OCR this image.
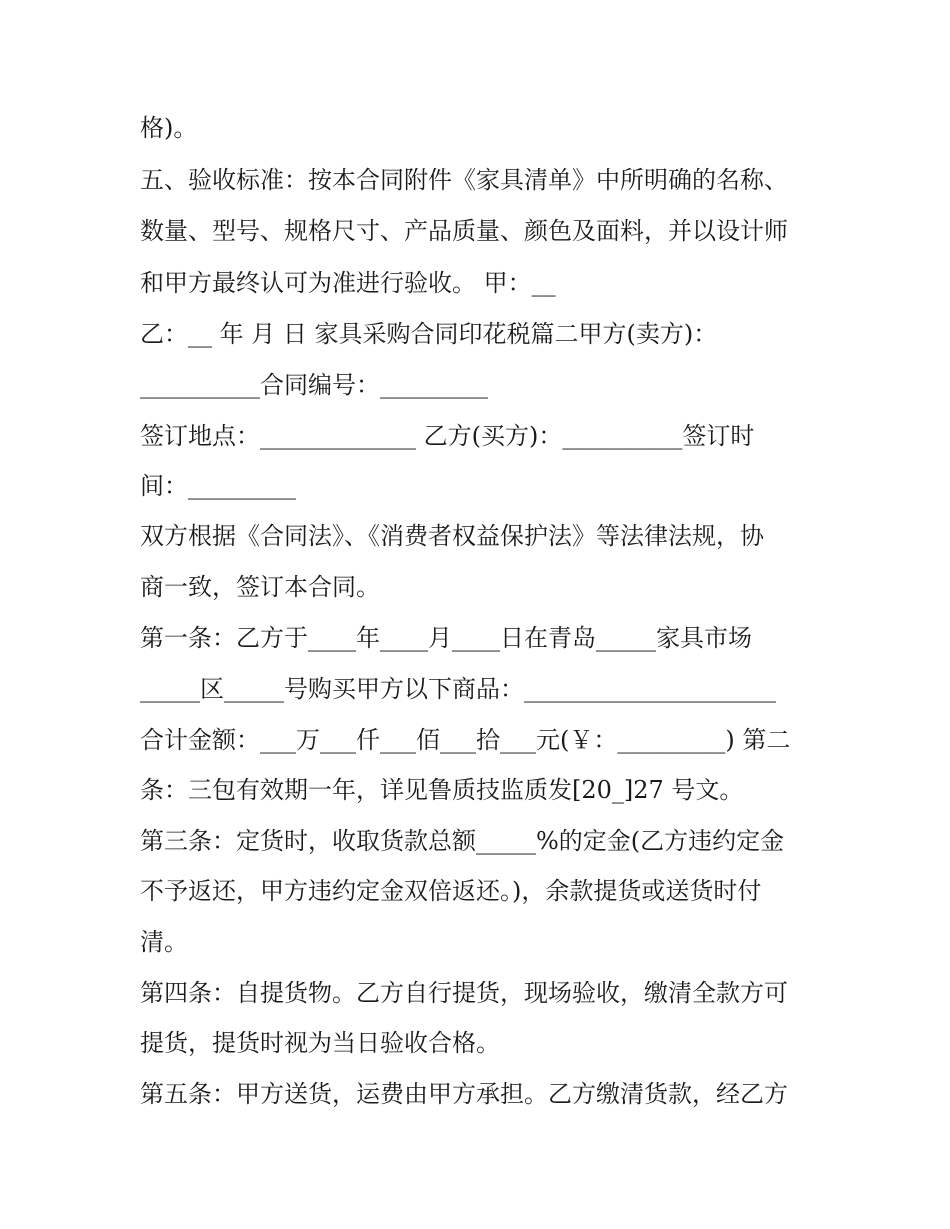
格)。
五、验收标准：按本合同附件《家具清单》中所明确的名称、
数量、型号、规格尺寸、产品质量、颜色及面料，并以设计师
和甲方最终认可为准进行验收。 甲：__
乙：__ 年 月 日 家具采购合同印花税篇二甲方(卖方)：
__________合同编号：_________
签订地点：_____________ 乙方(买方)：__________签订时
间：_________
双方根据《合同法》、《消费者权益保护法》等法律法规，协
商一致，签订本合同。
第一条：乙方于____年____月____日在青岛_____家具市场
_____区_____号购买甲方以下商品：_____________________
合计金额：___万___仟___佰___拾___元(￥：_________) 第二
条：三包有效期一年，详见鲁质技监质发[20_]27 号文。
第三条：定货时，收取货款总额_____%的定金(乙方违约定金
不予返还，甲方违约定金双倍返还。)，余款提货或送货时付
清。
第四条：自提货物。乙方自行提货，现场验收，缴清全款方可
提货，提货时视为当日验收合格。
第五条：甲方送货，运费由甲方承担。乙方缴清货款，经乙方
